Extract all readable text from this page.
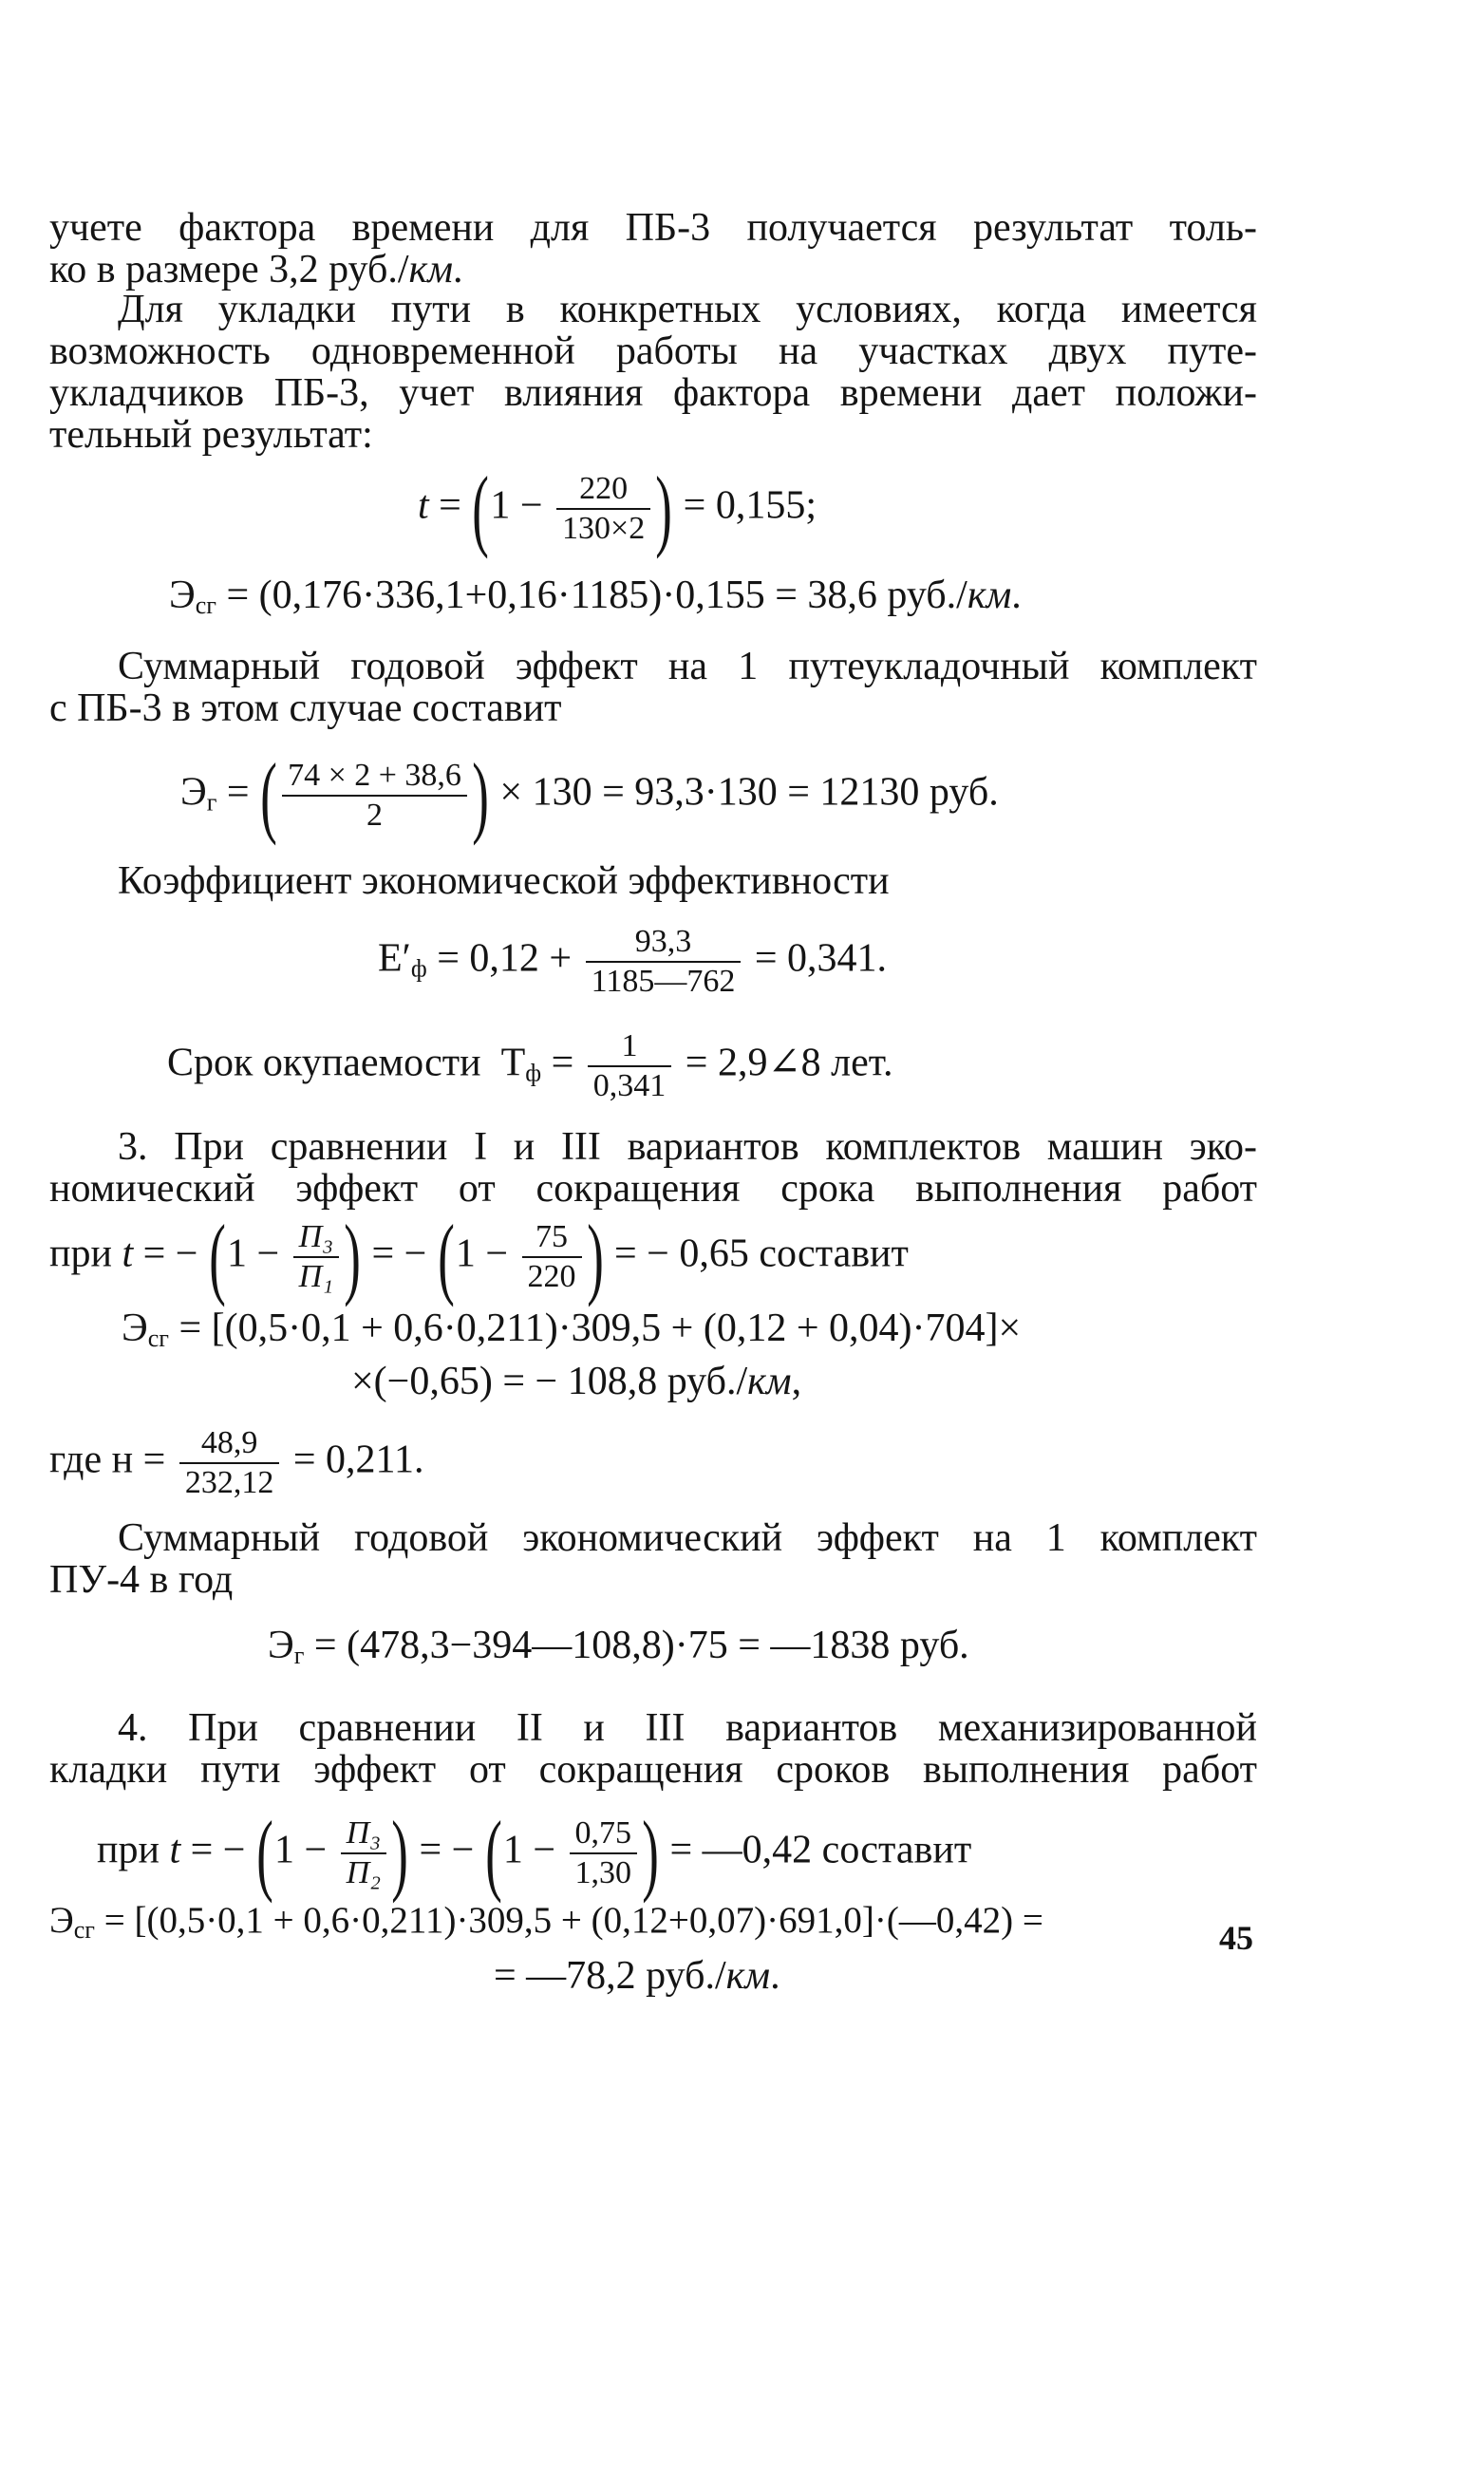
учете фактора времени для ПБ-3 получается результат толь-
ко в размере 3,2 руб./км.
Для укладки пути в конкретных условиях, когда имеется
возможность одновременной работы на участках двух путе-
укладчиков ПБ-3, учет влияния фактора времени дает положи-
тельный результат:
$t = (1 - \frac{220}{130\times 2}$ ) = 0,155;
$Э_{сг} = (0,176\cdot 336,1+0,16\cdot 1185)\cdot 0,155 = 38,6$ руб./км.
Суммарный годовой эффект на 1 путеукладочный комплект
с ПБ-3 в этом случае составит
$Э_г$ = ( $\frac{74 \times 2 + 38,6}{2}$ ) × 130 = 93,3·130 = 12130 руб.
Коэффициент экономической эффективности
$E'_ф = 0,12 + \frac{93,3}{1185—762} = 0,341$.
Срок окупаемости $T_ф = \frac{1}{0,341}$ = 2,9∠8 лет.
3. При сравнении I и III вариантов комплектов машин эко-
номический эффект от сокращения срока выполнения работ
при t = − ($1 - \frac{\text{П₃}}{\text{П₁}}$ ) = − ($1 - \frac{75}{220}$ ) = − 0,65 составит
$Э_{сг} = [(0,5\cdot 0,1 + 0,6\cdot 0,211)\cdot 309,5 + (0,12 + 0,04)\cdot 704]\times$
×(−0,65) = − 108,8 руб./км,
где $н = \frac{48,9}{232,12} = 0,211$.
Суммарный годовой экономический эффект на 1 комплект
ПУ-4 в год
$Э_г$ = (478,3−394—108,8)·75 = —1838 руб.
4. При сравнении II и III вариантов механизированной
кладки пути эффект от сокращения сроков выполнения работ
при t = − ($1 - \frac{\text{П₃}}{\text{П₂}}$ ) = − ($1 - \frac{0,75}{1,30}$ ) = —0,42 составит
$Э_{сг} = [(0,5\cdot 0,1 + 0,6\cdot 0,211)\cdot 309,5$ + (0,12+0,07)·691,0]·(—0,42) =
= —78,2 руб./км.
45
